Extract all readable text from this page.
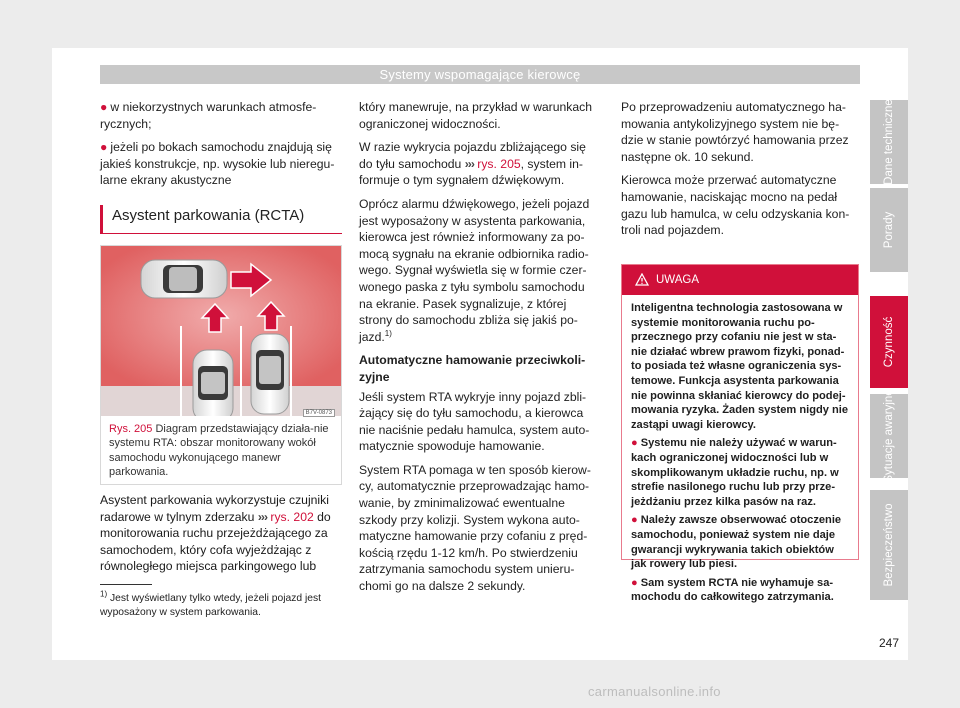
Systemy wspomagające kierowcę

● w niekorzystnych warunkach atmosfe-rycznych;

● jeżeli po bokach samochodu znajdują się jakieś konstrukcje, np. wysokie lub nieregu-larne ekrany akustyczne

Asystent parkowania (RCTA)
B7V-0873
Rys. 205 Diagram przedstawiający działa-nie systemu RTA: obszar monitorowany wokół samochodu wykonującego manewr parkowania.
Asystent parkowania wykorzystuje czujniki radarowe w tylnym zderzaku ››› rys. 202 do monitorowania ruchu przejeżdżającego za samochodem, który cofa wyjeżdżając z równoległego miejsca parkingowego lub

który manewruje, na przykład w warunkach ograniczonej widoczności.

W razie wykrycia pojazdu zbliżającego się do tyłu samochodu ››› rys. 205, system in-formuje o tym sygnałem dźwiękowym.

Oprócz alarmu dźwiękowego, jeżeli pojazd jest wyposażony w asystenta parkowania, kierowca jest również informowany za po-mocą sygnału na ekranie odbiornika radio-wego. Sygnał wyświetla się w formie czer-wonego paska z tyłu symbolu samochodu na ekranie. Pasek sygnalizuje, z której strony do samochodu zbliża się jakiś po-jazd.$^{1)}$

Automatyczne hamowanie przeciwkoli-zyjne

Jeśli system RTA wykryje inny pojazd zbli-żający się do tyłu samochodu, a kierowca nie naciśnie pedału hamulca, system auto-matycznie spowoduje hamowanie.

System RTA pomaga w ten sposób kierow-cy, automatycznie przeprowadzając hamo-wanie, by zminimalizować ewentualne szkody przy kolizji. System wykona auto-matyczne hamowanie przy cofaniu z pręd-kością rzędu 1-12 km/h. Po stwierdzeniu zatrzymania samochodu system unieru-chomi go na dalsze 2 sekundy.

Po przeprowadzeniu automatycznego ha-mowania antykolizyjnego system nie bę-dzie w stanie powtórzyć hamowania przez następne ok. 10 sekund.

Kierowca może przerwać automatyczne hamowanie, naciskając mocno na pedał gazu lub hamulca, w celu odzyskania kon-troli nad pojazdem.

UWAGA

Inteligentna technologia zastosowana w systemie monitorowania ruchu po-przecznego przy cofaniu nie jest w sta-nie działać wbrew prawom fizyki, ponad-to posiada też własne ograniczenia sys-temowe. Funkcja asystenta parkowania nie powinna skłaniać kierowcy do podej-mowania ryzyka. Żaden system nigdy nie zastąpi uwagi kierowcy.

● Systemu nie należy używać w warun-kach ograniczonej widoczności lub w skomplikowanym układzie ruchu, np. w strefie nasilonego ruchu lub przy prze-jeżdżaniu przez kilka pasów na raz.

● Należy zawsze obserwować otoczenie samochodu, ponieważ system nie daje gwarancji wykrywania takich obiektów jak rowery lub piesi.

● Sam system RCTA nie wyhamuje sa-mochodu do całkowitego zatrzymania.

$^{1)}$ Jest wyświetlany tylko wtedy, jeżeli pojazd jest wyposażony w system parkowania.
Dane techniczne
Porady
Czynność
Sytuacje awaryjne
Bezpieczeństwo
247
carmanualsonline.info
